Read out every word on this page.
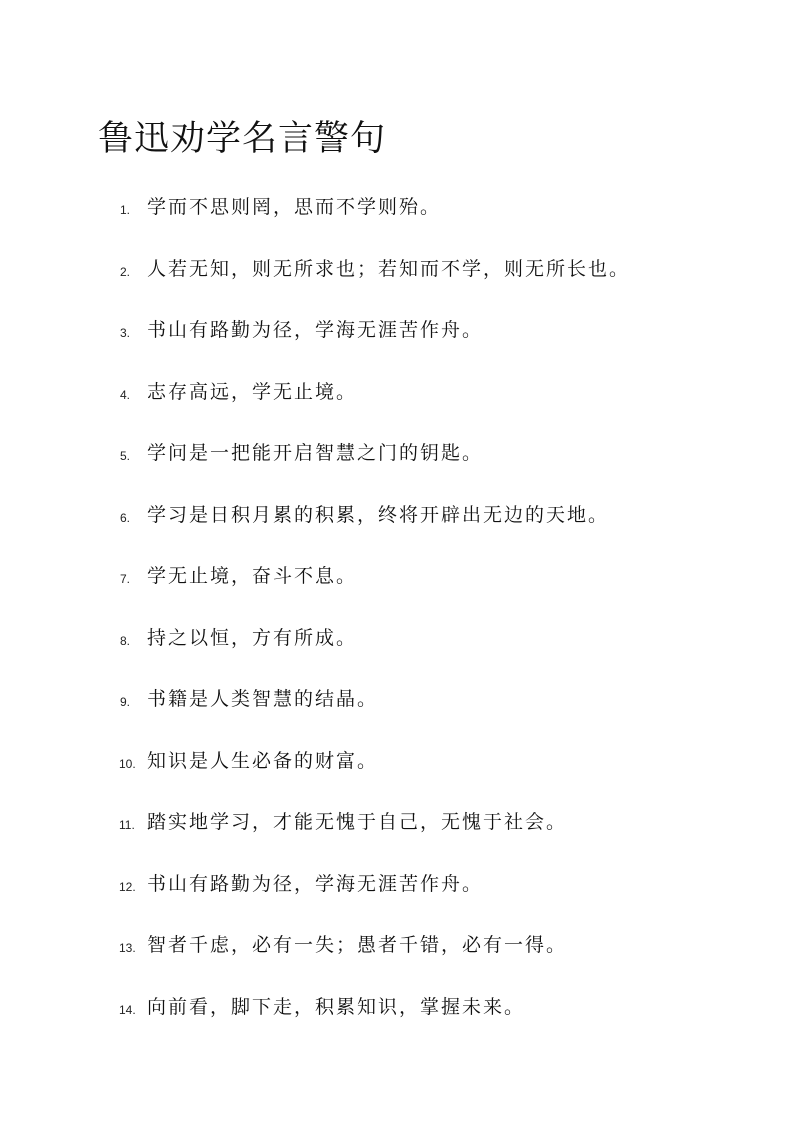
鲁迅劝学名言警句
1. 学而不思则罔，思而不学则殆。
2. 人若无知，则无所求也；若知而不学，则无所长也。
3. 书山有路勤为径，学海无涯苦作舟。
4. 志存高远，学无止境。
5. 学问是一把能开启智慧之门的钥匙。
6. 学习是日积月累的积累，终将开辟出无边的天地。
7. 学无止境，奋斗不息。
8. 持之以恒，方有所成。
9. 书籍是人类智慧的结晶。
10. 知识是人生必备的财富。
11. 踏实地学习，才能无愧于自己，无愧于社会。
12. 书山有路勤为径，学海无涯苦作舟。
13. 智者千虑，必有一失；愚者千错，必有一得。
14. 向前看，脚下走，积累知识，掌握未来。
